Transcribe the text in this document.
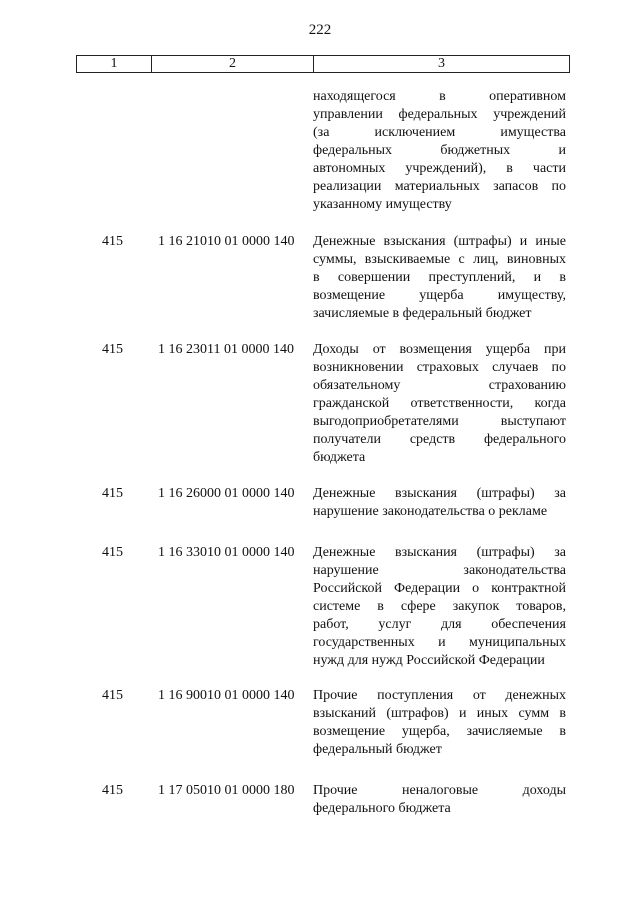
222
1	2	3
находящегося в оперативном
управлении федеральных учреждений
(за исключением имущества
федеральных бюджетных и
автономных учреждений), в части
реализации материальных запасов по
указанному имуществу
415	1 16 21010 01 0000 140 Денежные взыскания (штрафы) и иные
суммы, взыскиваемые с лиц, виновных
в совершении преступлений, и в
возмещение ущерба имуществу,
зачисляемые в федеральный бюджет
415	1 16 23011 01 0000 140 Доходы от возмещения ущерба при
возникновении страховых случаев по
обязательному страхованию
гражданской ответственности, когда
выгодоприобретателями выступают
получатели средств федерального
бюджета
415	1 16 26000 01 0000 140 Денежные взыскания (штрафы) за
нарушение законодательства о рекламе
415	1 16 33010 01 0000 140 Денежные взыскания (штрафы) за
нарушение законодательства
Российской Федерации о контрактной
системе в сфере закупок товаров,
работ, услуг для обеспечения
государственных и муниципальных
нужд для нужд Российской Федерации
415	1 16 90010 01 0000 140 Прочие поступления от денежных
взысканий (штрафов) и иных сумм в
возмещение ущерба, зачисляемые в
федеральный бюджет
415	1 17 05010 01 0000 180 Прочие неналоговые доходы
федерального бюджета
